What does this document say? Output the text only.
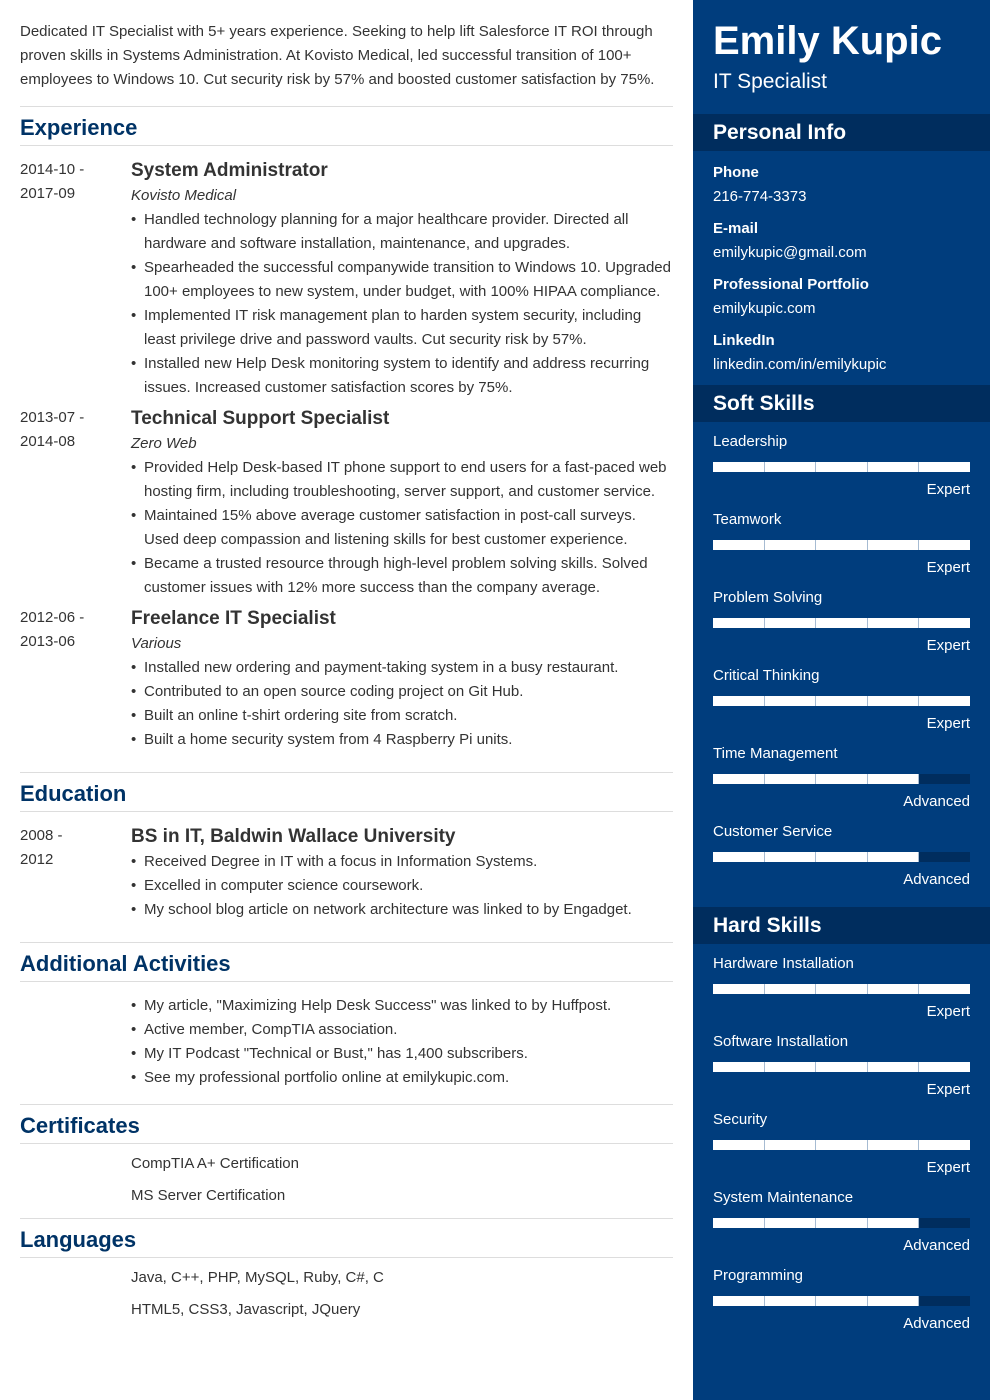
Dedicated IT Specialist with 5+ years experience. Seeking to help lift Salesforce IT ROI through proven skills in Systems Administration. At Kovisto Medical, led successful transition of 100+ employees to Windows 10. Cut security risk by 57% and boosted customer satisfaction by 75%.

Experience
2014-10 -
2017-09
System Administrator
Kovisto Medical
• Handled technology planning for a major healthcare provider. Directed all hardware and software installation, maintenance, and upgrades.
• Spearheaded the successful companywide transition to Windows 10. Upgraded 100+ employees to new system, under budget, with 100% HIPAA compliance.
• Implemented IT risk management plan to harden system security, including least privilege drive and password vaults. Cut security risk by 57%.
• Installed new Help Desk monitoring system to identify and address recurring issues. Increased customer satisfaction scores by 75%.
2013-07 -
2014-08
Technical Support Specialist
Zero Web
• Provided Help Desk-based IT phone support to end users for a fast-paced web hosting firm, including troubleshooting, server support, and customer service.
• Maintained 15% above average customer satisfaction in post-call surveys. Used deep compassion and listening skills for best customer experience.
• Became a trusted resource through high-level problem solving skills. Solved customer issues with 12% more success than the company average.
2012-06 -
2013-06
Freelance IT Specialist
Various
• Installed new ordering and payment-taking system in a busy restaurant.
• Contributed to an open source coding project on Git Hub.
• Built an online t-shirt ordering site from scratch.
• Built a home security system from 4 Raspberry Pi units.
Education
2008 -
2012
BS in IT, Baldwin Wallace University
• Received Degree in IT with a focus in Information Systems.
• Excelled in computer science coursework.
• My school blog article on network architecture was linked to by Engadget.
Additional Activities
• My article, "Maximizing Help Desk Success" was linked to by Huffpost.
• Active member, CompTIA association.
• My IT Podcast "Technical or Bust," has 1,400 subscribers.
• See my professional portfolio online at emilykupic.com.
Certificates
CompTIA A+ Certification
MS Server Certification
Languages
Java, C++, PHP, MySQL, Ruby, C#, C
HTML5, CSS3, Javascript, JQuery
Emily Kupic
IT Specialist
Personal Info
Phone
216-774-3373
E-mail
emilykupic@gmail.com
Professional Portfolio
emilykupic.com
LinkedIn
linkedin.com/in/emilykupic
Soft Skills
Leadership
Expert
Teamwork
Expert
Problem Solving
Expert
Critical Thinking
Expert
Time Management
Advanced
Customer Service
Advanced
Hard Skills
Hardware Installation
Expert
Software Installation
Expert
Security
Expert
System Maintenance
Advanced
Programming
Advanced
